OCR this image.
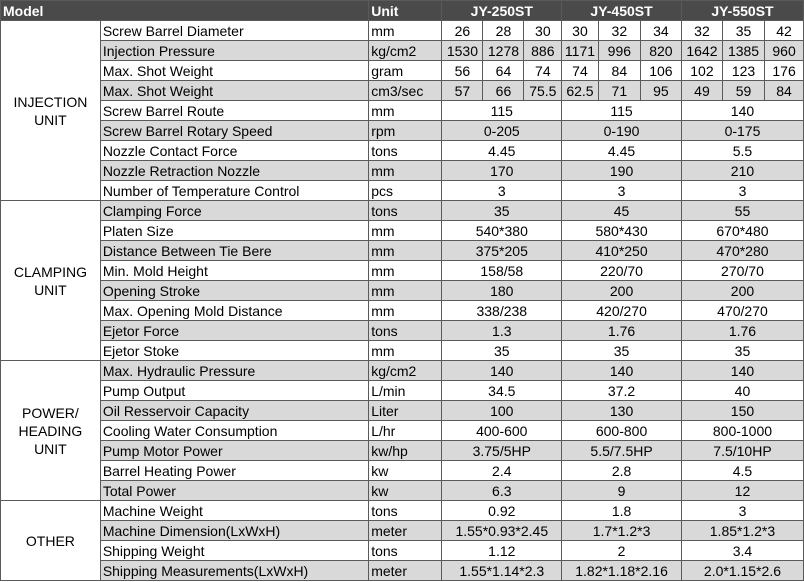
Model		Unit	JY-250ST			JY-450ST			JY-550ST		

INJECTION
UNIT	Screw Barrel Diameter	mm	26	28	30	30	32	34	32	35	42
	Injection Pressure	kg/cm2	1530	1278	886	1171	996	820	1642	1385	960
	Max. Shot Weight	gram	56	64	74	74	84	106	102	123	176
	Max. Shot Weight	cm3/sec	57	66	75.5	62.5	71	95	49	59	84
	Screw Barrel Route	mm	115			115			140		
	Screw Barrel Rotary Speed	rpm	0-205			0-190			0-175		
	Nozzle Contact Force	tons	4.45			4.45			5.5		
	Nozzle Retraction Nozzle	mm	170			190			210		
	Number of Temperature Control	pcs	3			3			3		

CLAMPING
UNIT	Clamping Force	tons	35			45			55		
	Platen Size	mm	540*380			580*430			670*480		
	Distance Between Tie Bere	mm	375*205			410*250			470*280		
	Min. Mold Height	mm	158/58			220/70			270/70		
	Opening Stroke	mm	180			200			200		
	Max. Opening Mold Distance	mm	338/238			420/270			470/270		
	Ejetor Force	tons	1.3			1.76			1.76		
	Ejetor Stoke	mm	35			35			35		

POWER/
HEADING
UNIT	Max. Hydraulic Pressure	kg/cm2	140			140			140		
	Pump Output	L/min	34.5			37.2			40		
	Oil Resservoir Capacity	Liter	100			130			150		
	Cooling Water Consumption	L/hr	400-600			600-800			800-1000		
	Pump Motor Power	kw/hp	3.75/5HP			5.5/7.5HP			7.5/10HP		
	Barrel Heating Power	kw	2.4			2.8			4.5		
	Total Power	kw	6.3			9			12		

OTHER	Machine Weight	tons	0.92			1.8			3		
	Machine Dimension(LxWxH)	meter	1.55*0.93*2.45			1.7*1.2*3			1.85*1.2*3		
	Shipping Weight	tons	1.12			2			3.4		
	Shipping Measurements(LxWxH)	meter	1.55*1.14*2.3			1.82*1.18*2.16			2.0*1.15*2.6		
